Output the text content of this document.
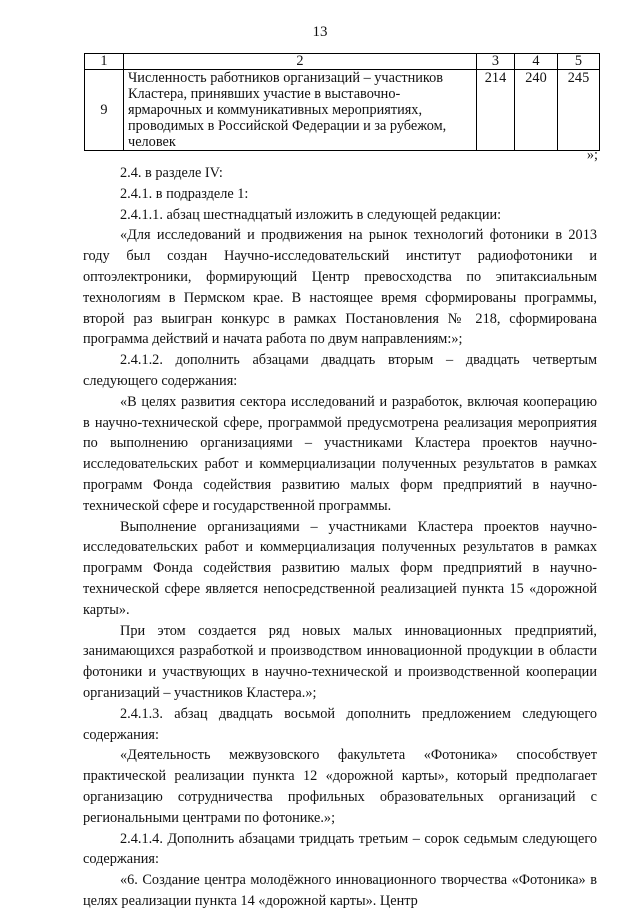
13
1	2	3	4	5
9	Численность работников организаций – участников Кластера, принявших участие в выставочно-ярмарочных и коммуникативных мероприятиях, проводимых в Российской Федерации и за рубежом, человек	214	240	245
»;

2.4. в разделе IV:

2.4.1. в подразделе 1:

2.4.1.1. абзац шестнадцатый изложить в следующей редакции:

«Для исследований и продвижения на рынок технологий фотоники в 2013 году был создан Научно-исследовательский институт радиофотоники и оптоэлектроники, формирующий Центр превосходства по эпитаксиальным технологиям в Пермском крае. В настоящее время сформированы программы, второй раз выигран конкурс в рамках Постановления № 218, сформирована программа действий и начата работа по двум направлениям:»;

2.4.1.2. дополнить абзацами двадцать вторым – двадцать четвертым следующего содержания:

«В целях развития сектора исследований и разработок, включая кооперацию в научно-технической сфере, программой предусмотрена реализация мероприятия по выполнению организациями – участниками Кластера проектов научно-исследовательских работ и коммерциализации полученных результатов в рамках программ Фонда содействия развитию малых форм предприятий в научно-технической сфере и государственной программы.

Выполнение организациями – участниками Кластера проектов научно-исследовательских работ и коммерциализация полученных результатов в рамках программ Фонда содействия развитию малых форм предприятий в научно-технической сфере является непосредственной реализацией пункта 15 «дорожной карты».

При этом создается ряд новых малых инновационных предприятий, занимающихся разработкой и производством инновационной продукции в области фотоники и участвующих в научно-технической и производственной кооперации организаций – участников Кластера.»;

2.4.1.3. абзац двадцать восьмой дополнить предложением следующего содержания:

«Деятельность межвузовского факультета «Фотоника» способствует практической реализации пункта 12 «дорожной карты», который предполагает организацию сотрудничества профильных образовательных организаций с региональными центрами по фотонике.»;

2.4.1.4. Дополнить абзацами тридцать третьим – сорок седьмым следующего содержания:

«6. Создание центра молодёжного инновационного творчества «Фотоника» в целях реализации пункта 14 «дорожной карты». Центр
